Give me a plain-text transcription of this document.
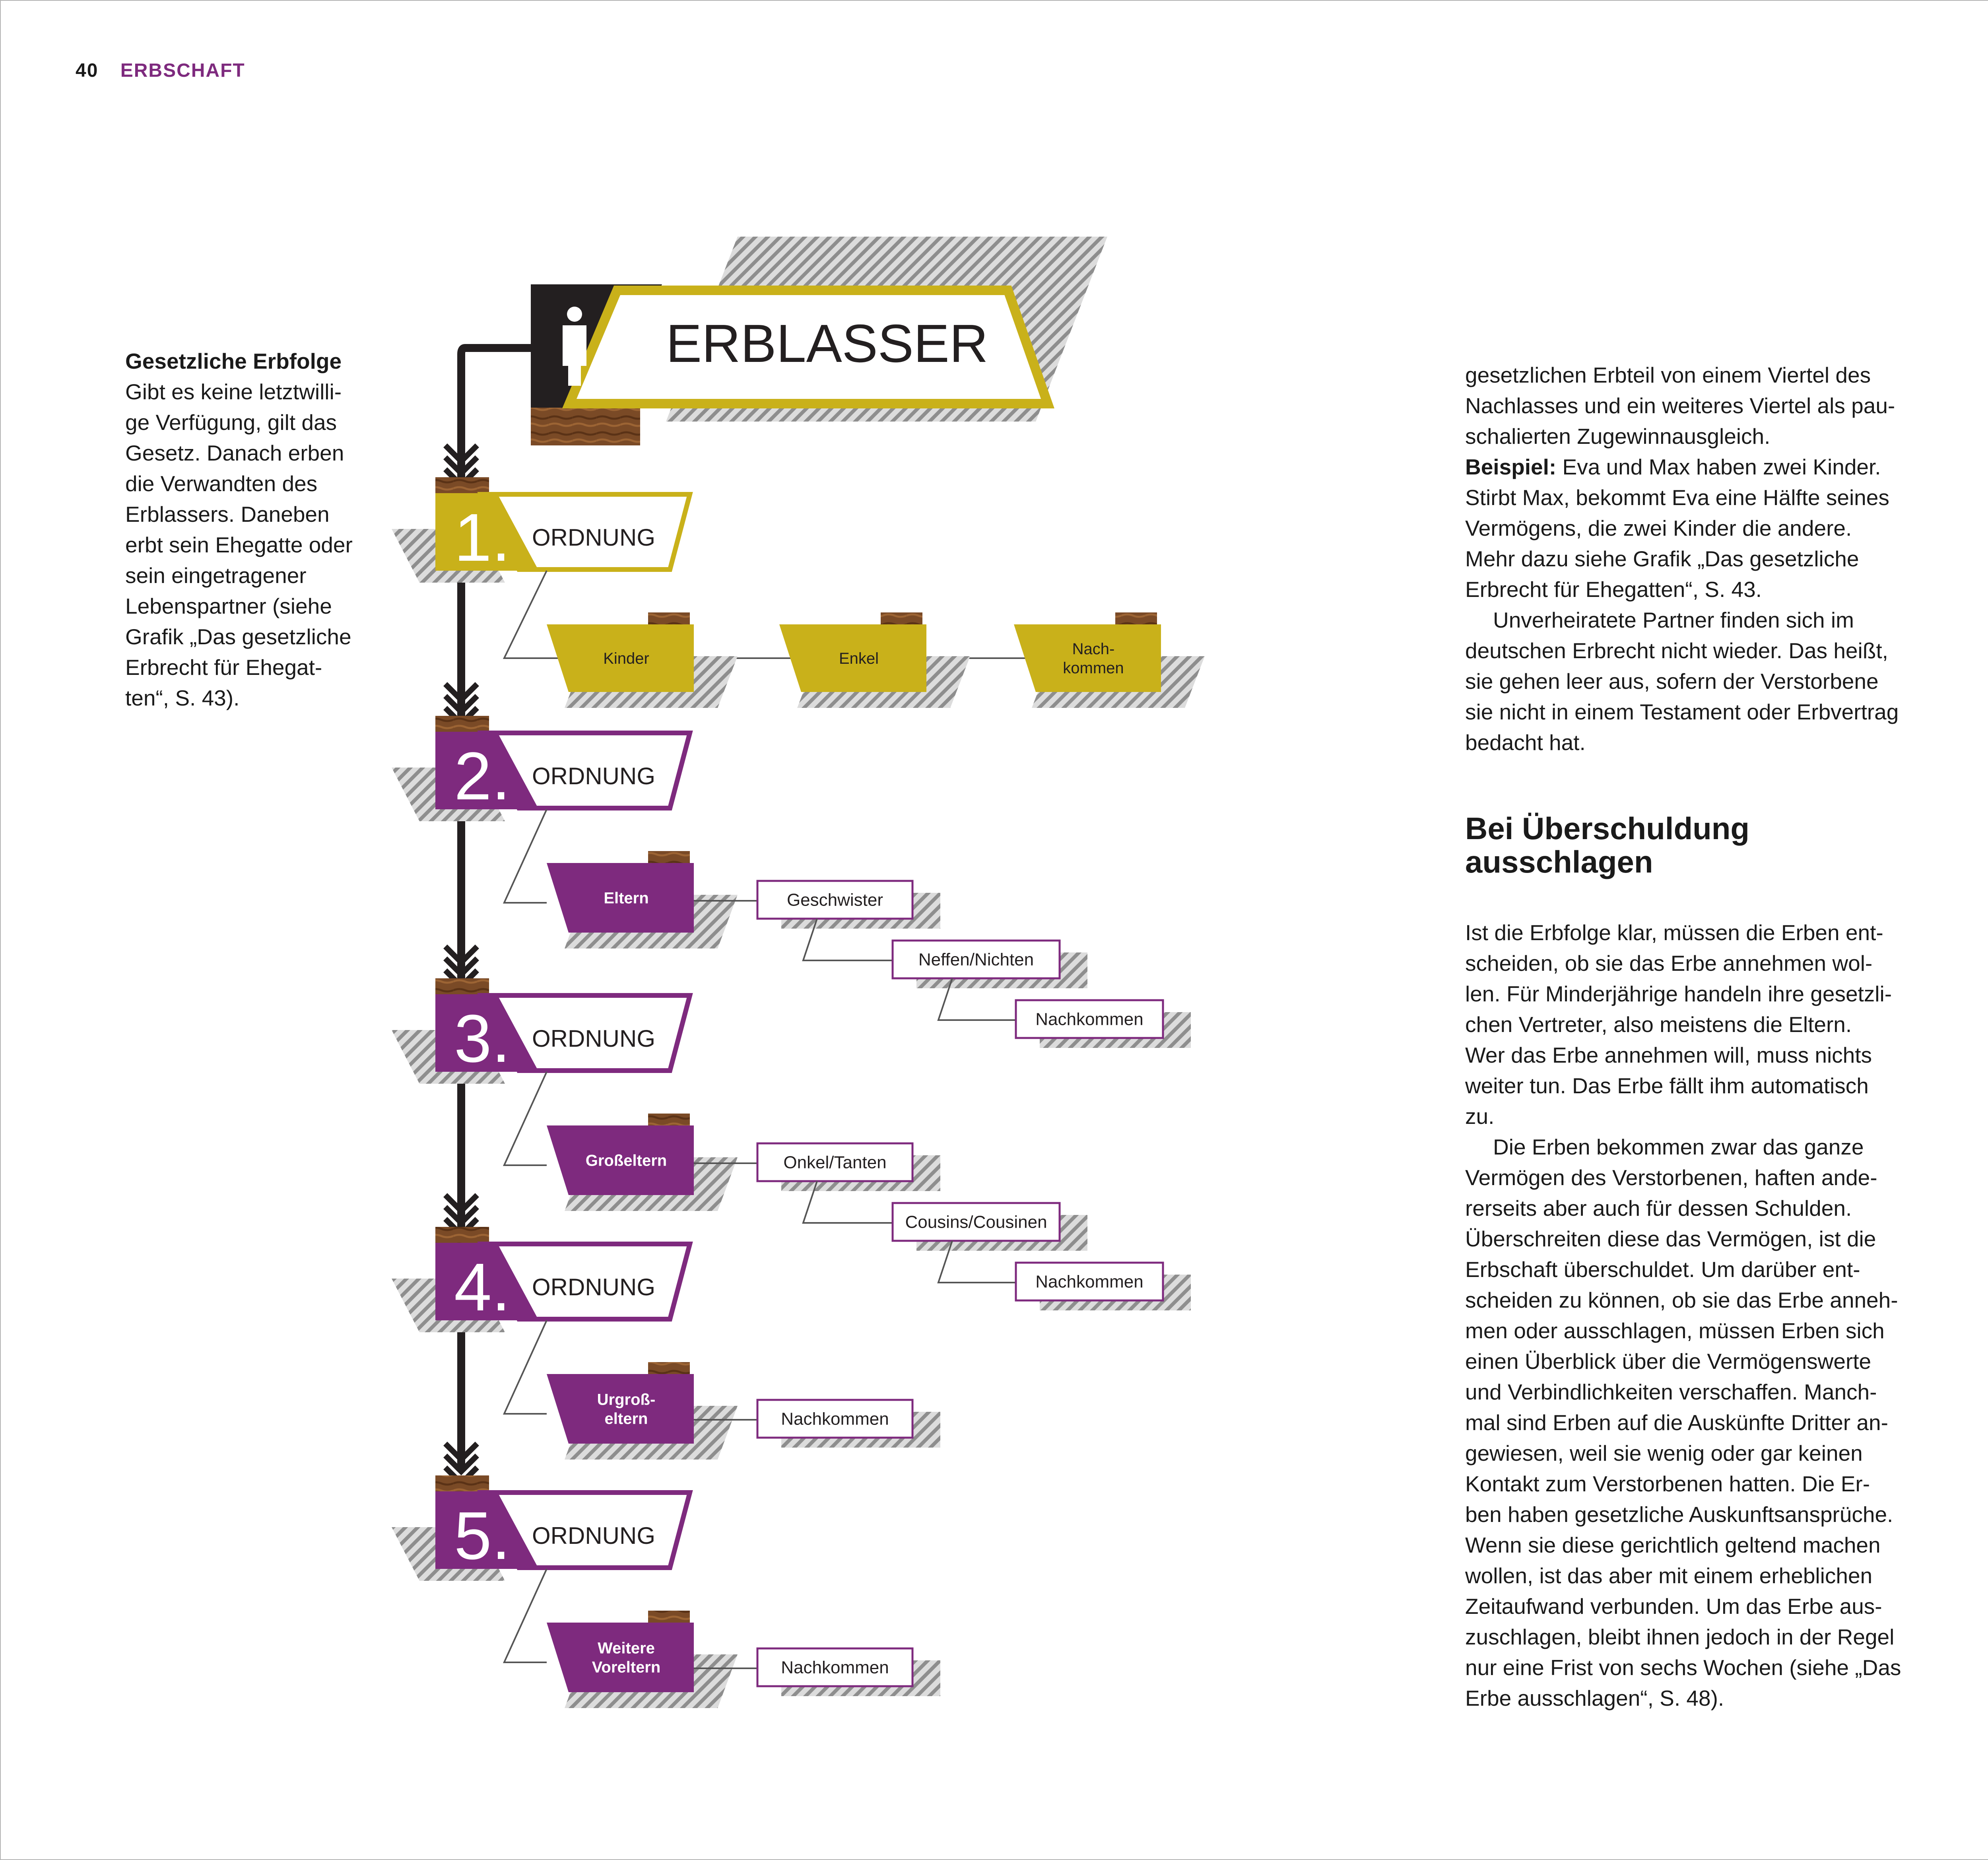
40 ERBSCHAFT
Gesetzliche Erbfolge
Gibt es keine letztwilli-
ge Verfügung, gilt das
Gesetz. Danach erben
die Verwandten des
Erblassers. Daneben
erbt sein Ehegatte oder
sein eingetragener
Lebenspartner (siehe
Grafik „Das gesetzliche
Erbrecht für Ehegat-
ten“, S. 43).
ERBLASSER
1. ORDNUNG
Kinder	Enkel
Nach-
kommen
2. ORDNUNG
Eltern	Geschwister
Neffen/Nichten
Nachkommen
3. ORDNUNG
Großeltern	Onkel/Tanten
Cousins/Cousinen
Nachkommen
4. ORDNUNG
Urgroß-
eltern	Nachkommen
5. ORDNUNG
Weitere
Voreltern	Nachkommen
gesetzlichen Erbteil von einem Viertel des
Nachlasses und ein weiteres Viertel als pau-
schalierten Zugewinnausgleich.
Beispiel: Eva und Max haben zwei Kinder.
Stirbt Max, bekommt Eva eine Hälfte seines
Vermögens, die zwei Kinder die andere.
Mehr dazu siehe Grafik „Das gesetzliche
Erbrecht für Ehegatten“, S. 43.
Unverheiratete Partner finden sich im
deutschen Erbrecht nicht wieder. Das heißt,
sie gehen leer aus, sofern der Verstorbene
sie nicht in einem Testament oder Erbvertrag
bedacht hat.
Bei Überschuldung
ausschlagen
Ist die Erbfolge klar, müssen die Erben ent-
scheiden, ob sie das Erbe annehmen wol-
len. Für Minderjährige handeln ihre gesetzli-
chen Vertreter, also meistens die Eltern.
Wer das Erbe annehmen will, muss nichts
weiter tun. Das Erbe fällt ihm automatisch
zu.
Die Erben bekommen zwar das ganze
Vermögen des Verstorbenen, haften ande-
rerseits aber auch für dessen Schulden.
Überschreiten diese das Vermögen, ist die
Erbschaft überschuldet. Um darüber ent-
scheiden zu können, ob sie das Erbe anneh-
men oder ausschlagen, müssen Erben sich
einen Überblick über die Vermögenswerte
und Verbindlichkeiten verschaffen. Manch-
mal sind Erben auf die Auskünfte Dritter an-
gewiesen, weil sie wenig oder gar keinen
Kontakt zum Verstorbenen hatten. Die Er-
ben haben gesetzliche Auskunftsansprüche.
Wenn sie diese gerichtlich geltend machen
wollen, ist das aber mit einem erheblichen
Zeitaufwand verbunden. Um das Erbe aus-
zuschlagen, bleibt ihnen jedoch in der Regel
nur eine Frist von sechs Wochen (siehe „Das
Erbe ausschlagen“, S. 48).
